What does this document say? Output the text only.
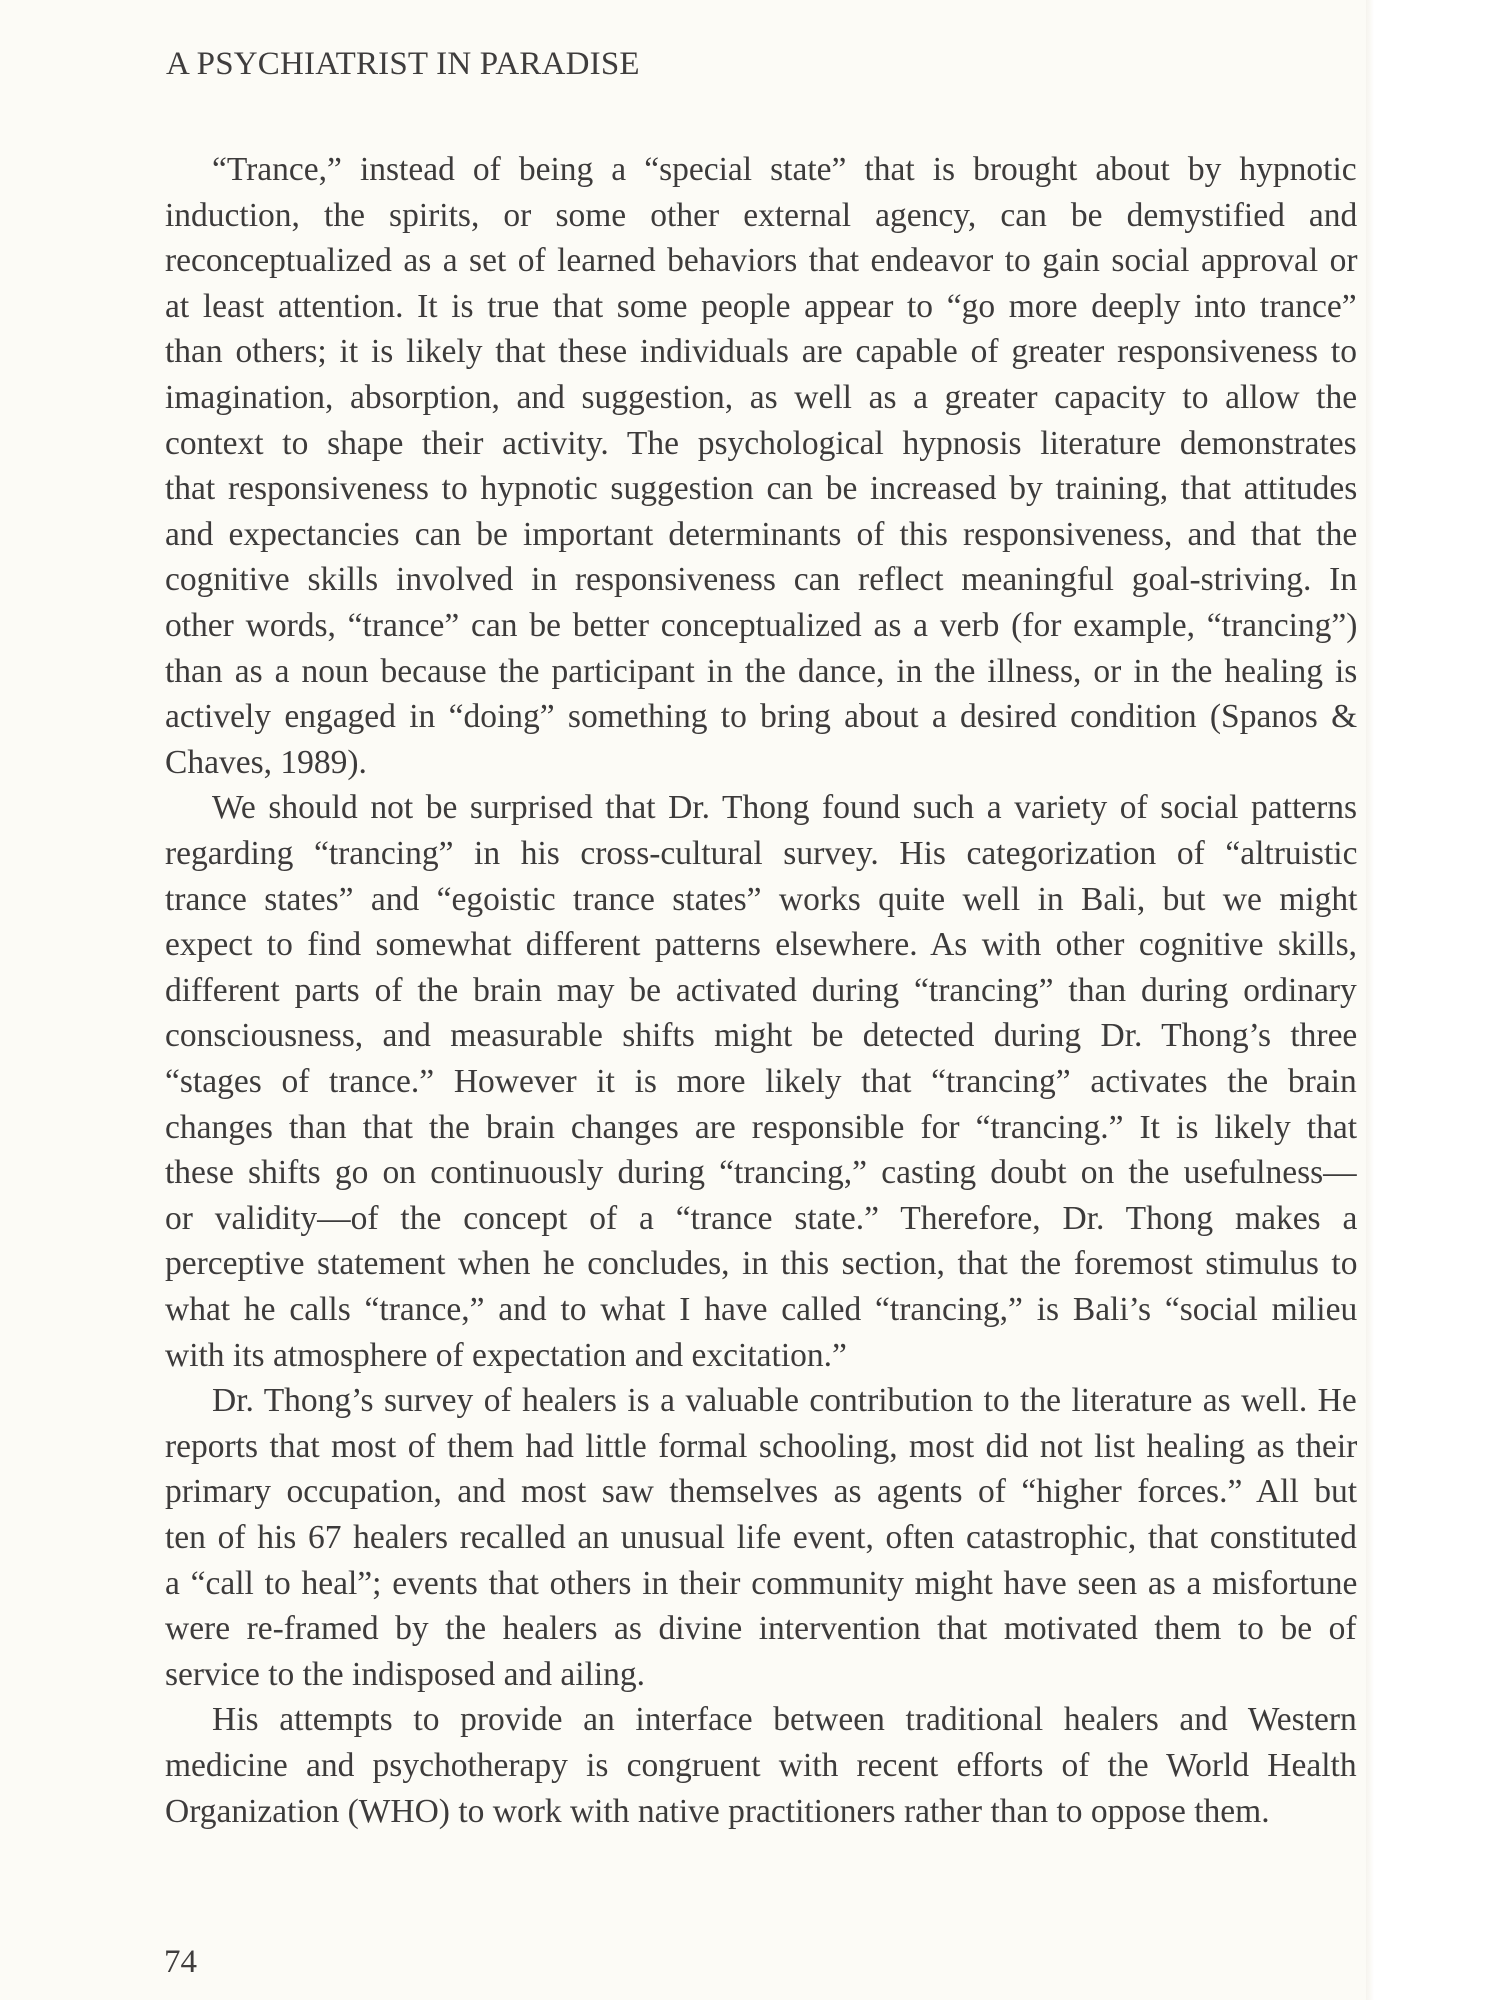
A PSYCHIATRIST IN PARADISE
“Trance,” instead of being a “special state” that is brought about by hypnotic
induction, the spirits, or some other external agency, can be demystified and
reconceptualized as a set of learned behaviors that endeavor to gain social approval or
at least attention. It is true that some people appear to “go more deeply into trance”
than others; it is likely that these individuals are capable of greater responsiveness to
imagination, absorption, and suggestion, as well as a greater capacity to allow the
context to shape their activity. The psychological hypnosis literature demonstrates
that responsiveness to hypnotic suggestion can be increased by training, that attitudes
and expectancies can be important determinants of this responsiveness, and that the
cognitive skills involved in responsiveness can reflect meaningful goal-striving. In
other words, “trance” can be better conceptualized as a verb (for example, “trancing”)
than as a noun because the participant in the dance, in the illness, or in the healing is
actively engaged in “doing” something to bring about a desired condition (Spanos &
Chaves, 1989).
We should not be surprised that Dr. Thong found such a variety of social patterns
regarding “trancing” in his cross-cultural survey. His categorization of “altruistic
trance states” and “egoistic trance states” works quite well in Bali, but we might
expect to find somewhat different patterns elsewhere. As with other cognitive skills,
different parts of the brain may be activated during “trancing” than during ordinary
consciousness, and measurable shifts might be detected during Dr. Thong’s three
“stages of trance.” However it is more likely that “trancing” activates the brain
changes than that the brain changes are responsible for “trancing.” It is likely that
these shifts go on continuously during “trancing,” casting doubt on the usefulness—
or validity—of the concept of a “trance state.” Therefore, Dr. Thong makes a
perceptive statement when he concludes, in this section, that the foremost stimulus to
what he calls “trance,” and to what I have called “trancing,” is Bali’s “social milieu
with its atmosphere of expectation and excitation.”
Dr. Thong’s survey of healers is a valuable contribution to the literature as well. He
reports that most of them had little formal schooling, most did not list healing as their
primary occupation, and most saw themselves as agents of “higher forces.” All but
ten of his 67 healers recalled an unusual life event, often catastrophic, that constituted
a “call to heal”; events that others in their community might have seen as a misfortune
were re-framed by the healers as divine intervention that motivated them to be of
service to the indisposed and ailing.
His attempts to provide an interface between traditional healers and Western
medicine and psychotherapy is congruent with recent efforts of the World Health
Organization (WHO) to work with native practitioners rather than to oppose them.
74
